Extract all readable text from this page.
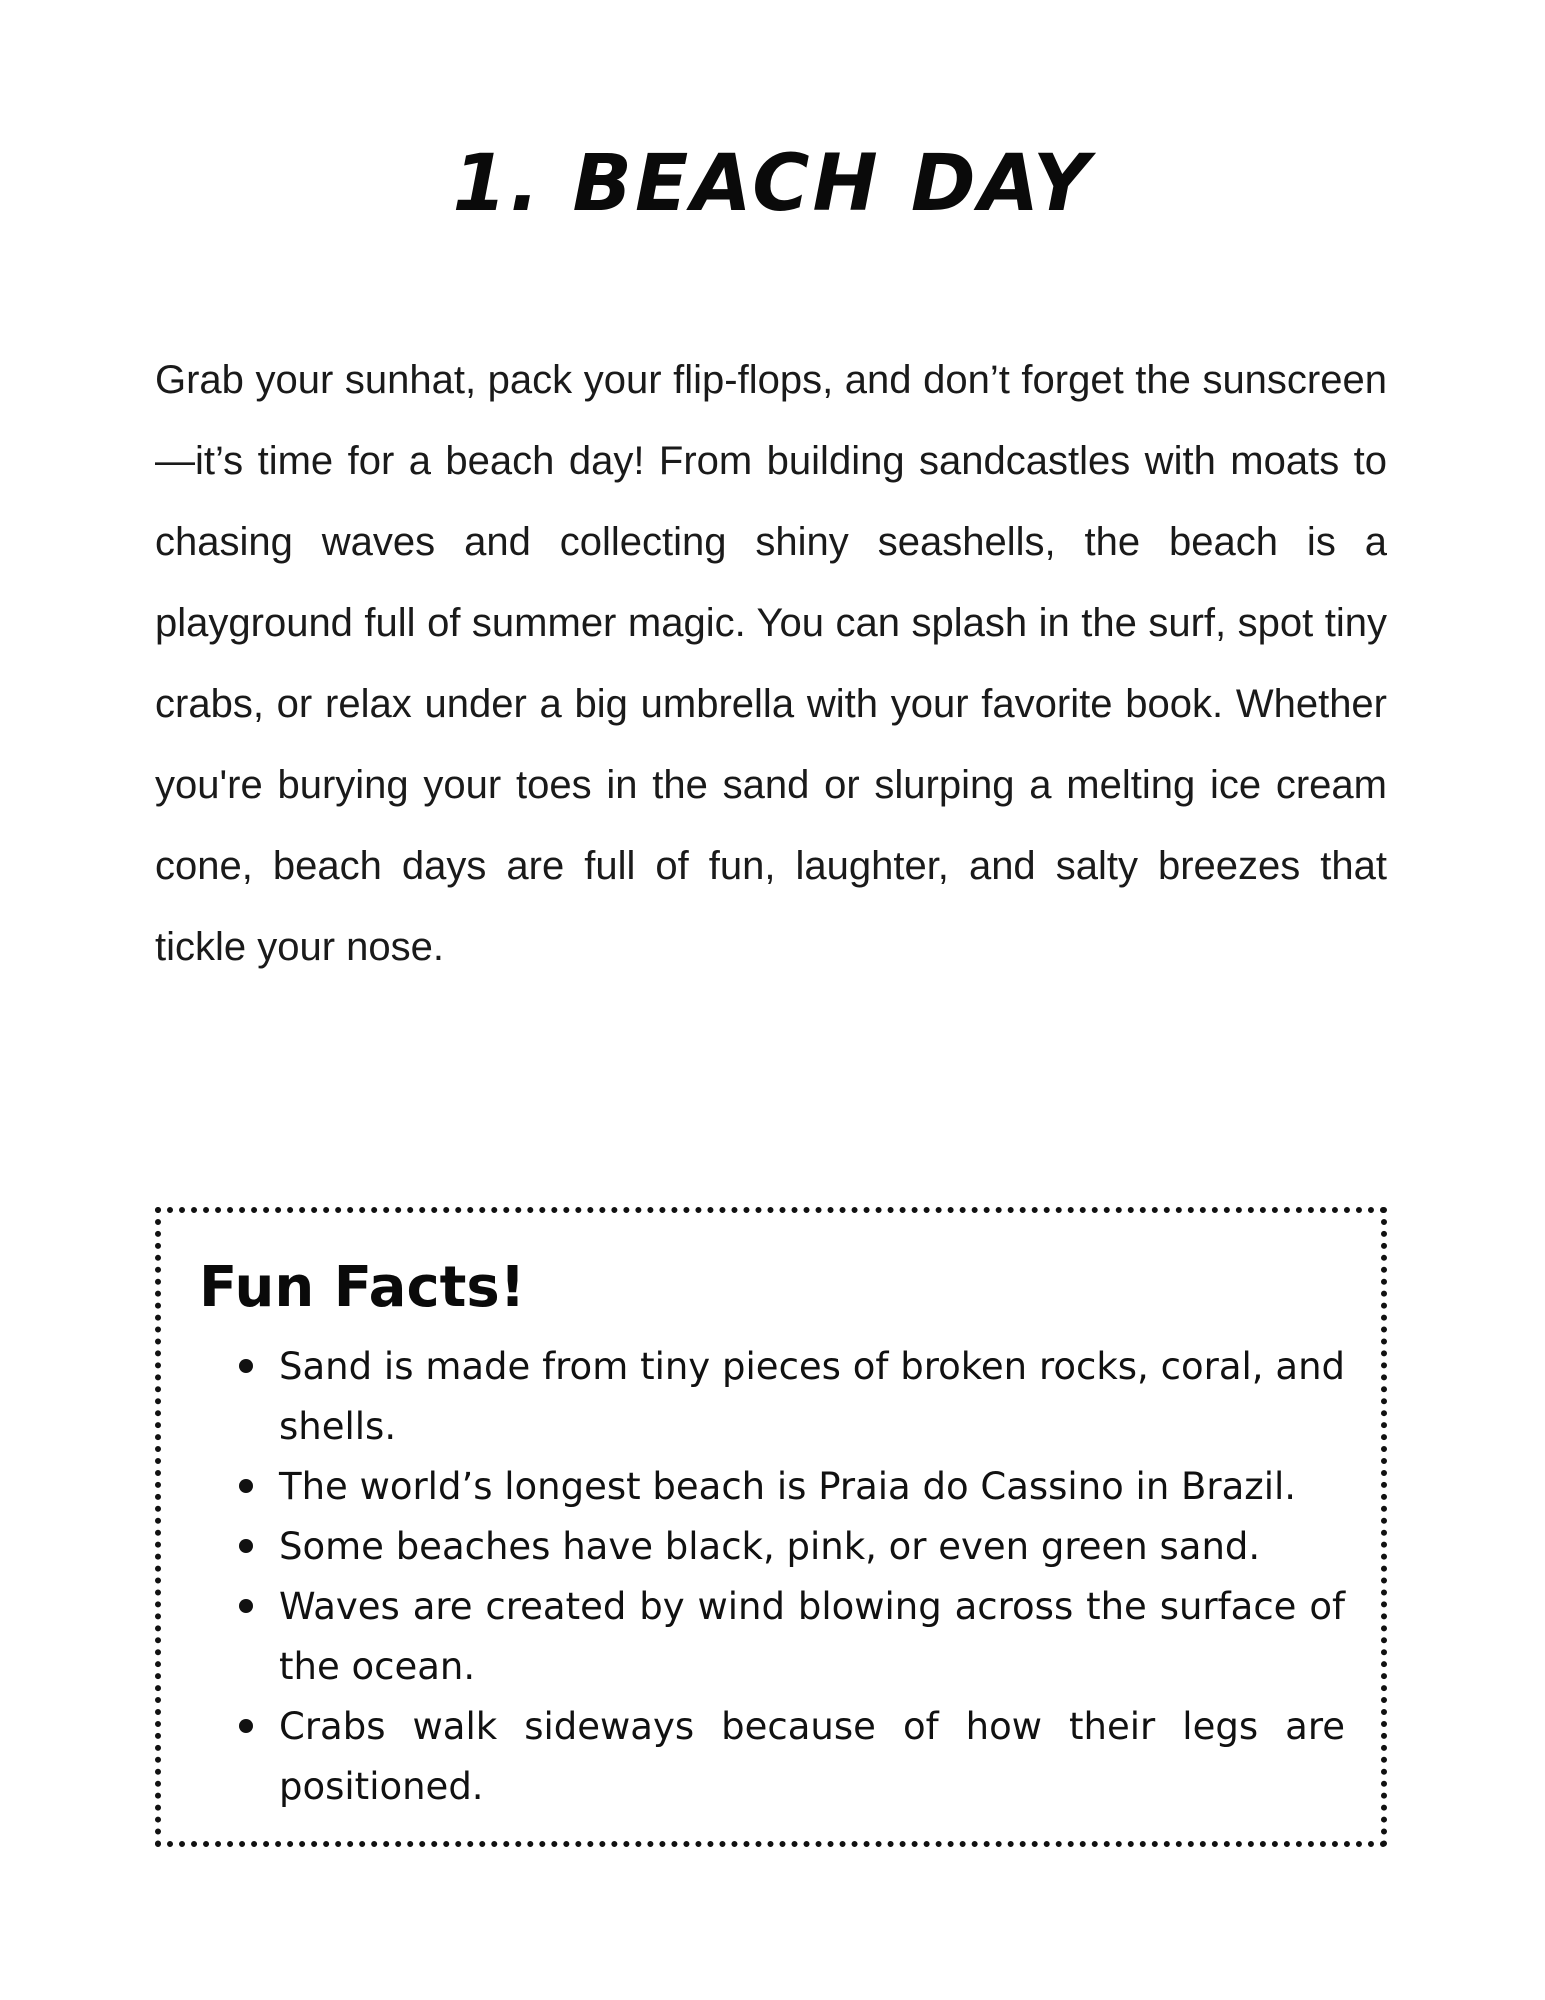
1. BEACH DAY

Grab your sunhat, pack your flip-flops, and don’t forget the sunscreen—it’s time for a beach day! From building sandcastles with moats to chasing waves and collecting shiny seashells, the beach is a playground full of summer magic. You can splash in the surf, spot tiny crabs, or relax under a big umbrella with your favorite book. Whether you're burying your toes in the sand or slurping a melting ice cream cone, beach days are full of fun, laughter, and salty breezes that tickle your nose.

Fun Facts!
Sand is made from tiny pieces of broken rocks, coral, and shells.
The world’s longest beach is Praia do Cassino in Brazil.
Some beaches have black, pink, or even green sand.
Waves are created by wind blowing across the surface of the ocean.
Crabs walk sideways because of how their legs are positioned.
